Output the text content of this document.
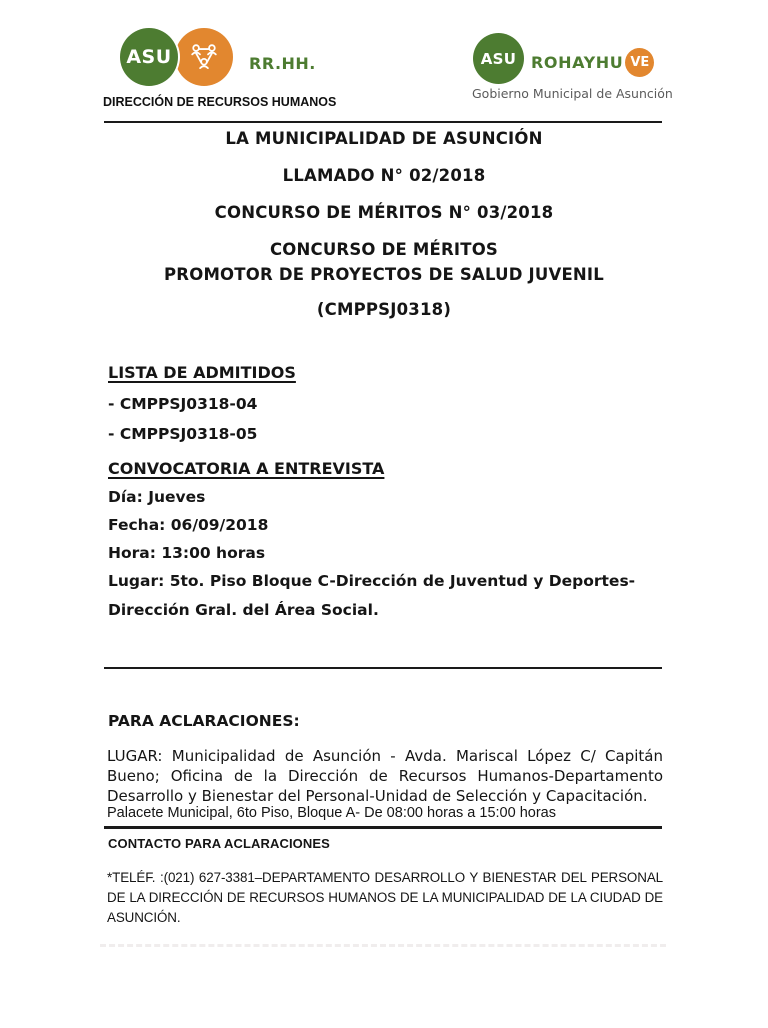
ASU	RR.HH.
DIRECCIÓN DE RECURSOS HUMANOS
ASU ROHAYHU VE
Gobierno Municipal de Asunción
LA MUNICIPALIDAD DE ASUNCIÓN
LLAMADO N° 02/2018
CONCURSO DE MÉRITOS N° 03/2018
CONCURSO DE MÉRITOS
PROMOTOR DE PROYECTOS DE SALUD JUVENIL
(CMPPSJ0318)
LISTA DE ADMITIDOS
- CMPPSJ0318-04
- CMPPSJ0318-05
CONVOCATORIA A ENTREVISTA
Día: Jueves
Fecha: 06/09/2018
Hora: 13:00 horas
Lugar: 5to. Piso Bloque C-Dirección de Juventud y Deportes-
Dirección Gral. del Área Social.
PARA ACLARACIONES:
LUGAR: Municipalidad de Asunción - Avda. Mariscal López C/ Capitán Bueno; Oficina de la Dirección de Recursos Humanos-Departamento Desarrollo y Bienestar del Personal-Unidad de Selección y Capacitación.
Palacete Municipal, 6to Piso, Bloque A- De 08:00 horas a 15:00 horas
CONTACTO PARA ACLARACIONES
*TELÉF. :(021) 627-3381–DEPARTAMENTO DESARROLLO Y BIENESTAR DEL PERSONAL DE LA DIRECCIÓN DE RECURSOS HUMANOS DE LA MUNICIPALIDAD DE LA CIUDAD DE ASUNCIÓN.
